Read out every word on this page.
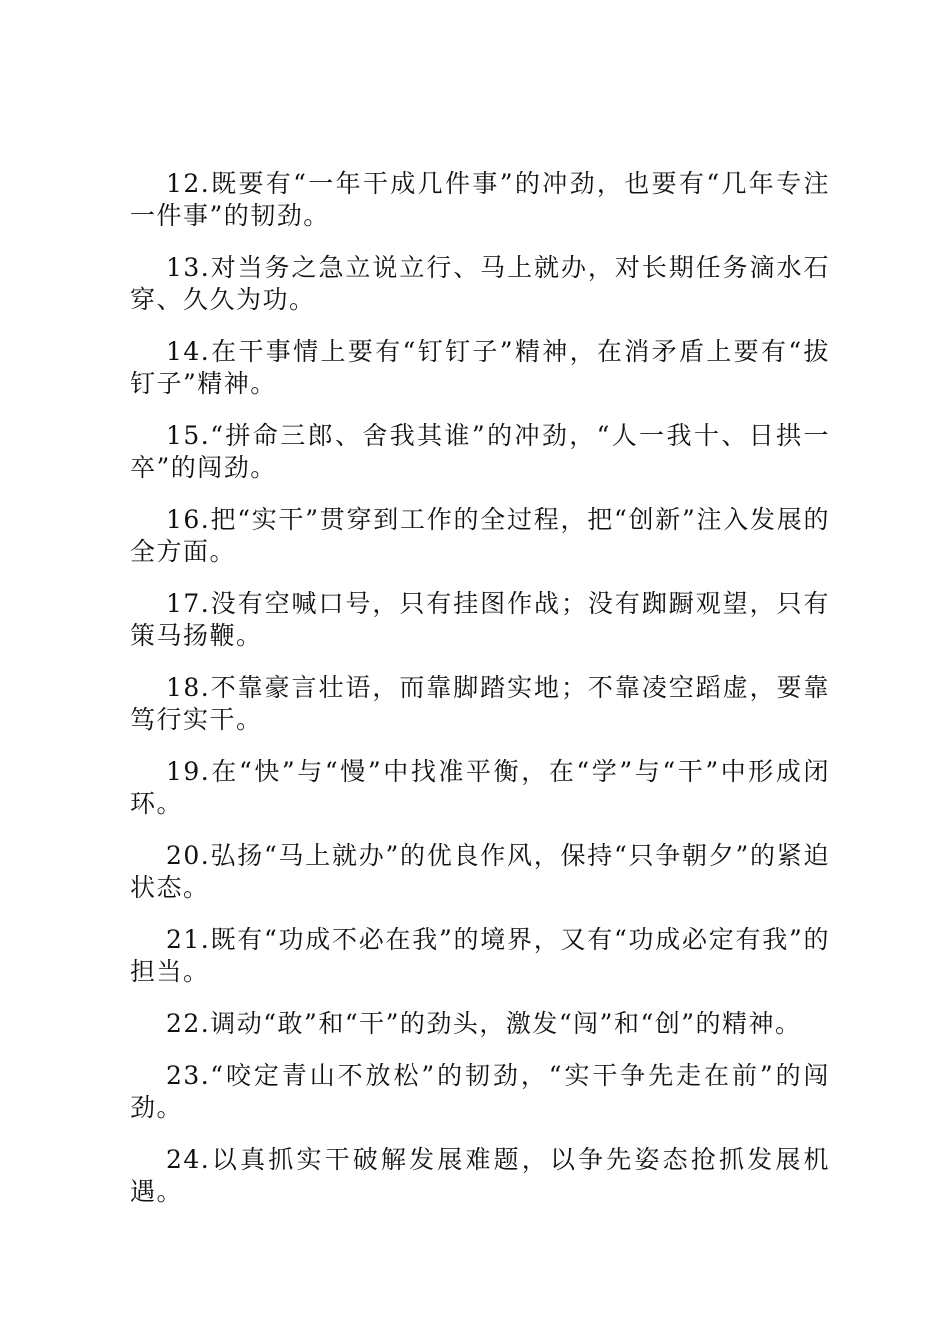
12.既要有“一年干成几件事”的冲劲，也要有“几年专注一件事”的韧劲。

13.对当务之急立说立行、马上就办，对长期任务滴水石穿、久久为功。

14.在干事情上要有“钉钉子”精神，在消矛盾上要有“拔钉子”精神。

15.“拼命三郎、舍我其谁”的冲劲，“人一我十、日拱一卒”的闯劲。

16.把“实干”贯穿到工作的全过程，把“创新”注入发展的全方面。

17.没有空喊口号，只有挂图作战；没有踟蹰观望，只有策马扬鞭。

18.不靠豪言壮语，而靠脚踏实地；不靠凌空蹈虚，要靠笃行实干。

19.在“快”与“慢”中找准平衡，在“学”与“干”中形成闭环。

20.弘扬“马上就办”的优良作风，保持“只争朝夕”的紧迫状态。

21.既有“功成不必在我”的境界，又有“功成必定有我”的担当。

22.调动“敢”和“干”的劲头，激发“闯”和“创”的精神。

23.“咬定青山不放松”的韧劲，“实干争先走在前”的闯劲。

24.以真抓实干破解发展难题，以争先姿态抢抓发展机遇。
